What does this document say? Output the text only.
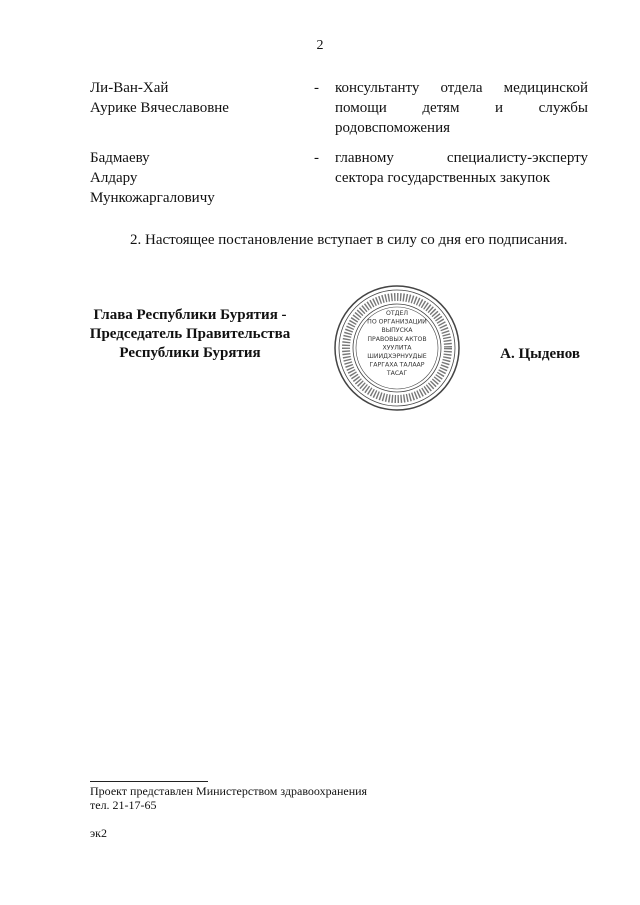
2
Ли-Ван-Хай
Аурике Вячеславовне
- консультанту отдела медицинской помощи детям и службы родовспоможения
Бадмаеву
Алдару
Мункожаргаловичу
- главному специалисту-эксперту сектора государственных закупок
2. Настоящее постановление вступает в силу со дня его подписания.
Глава Республики Бурятия -
Председатель Правительства
Республики Бурятия
ОТДЕЛ
ПО ОРГАНИЗАЦИИ
ВЫПУСКА
ПРАВОВЫХ АКТОВ
ХУУЛИТА
ШИИДХЭРНУУДЫЕ
ГАРГАХА ТАЛААР
ТАСАГ
А. Цыденов
Проект представлен Министерством здравоохранения
тел. 21-17-65
эк2
